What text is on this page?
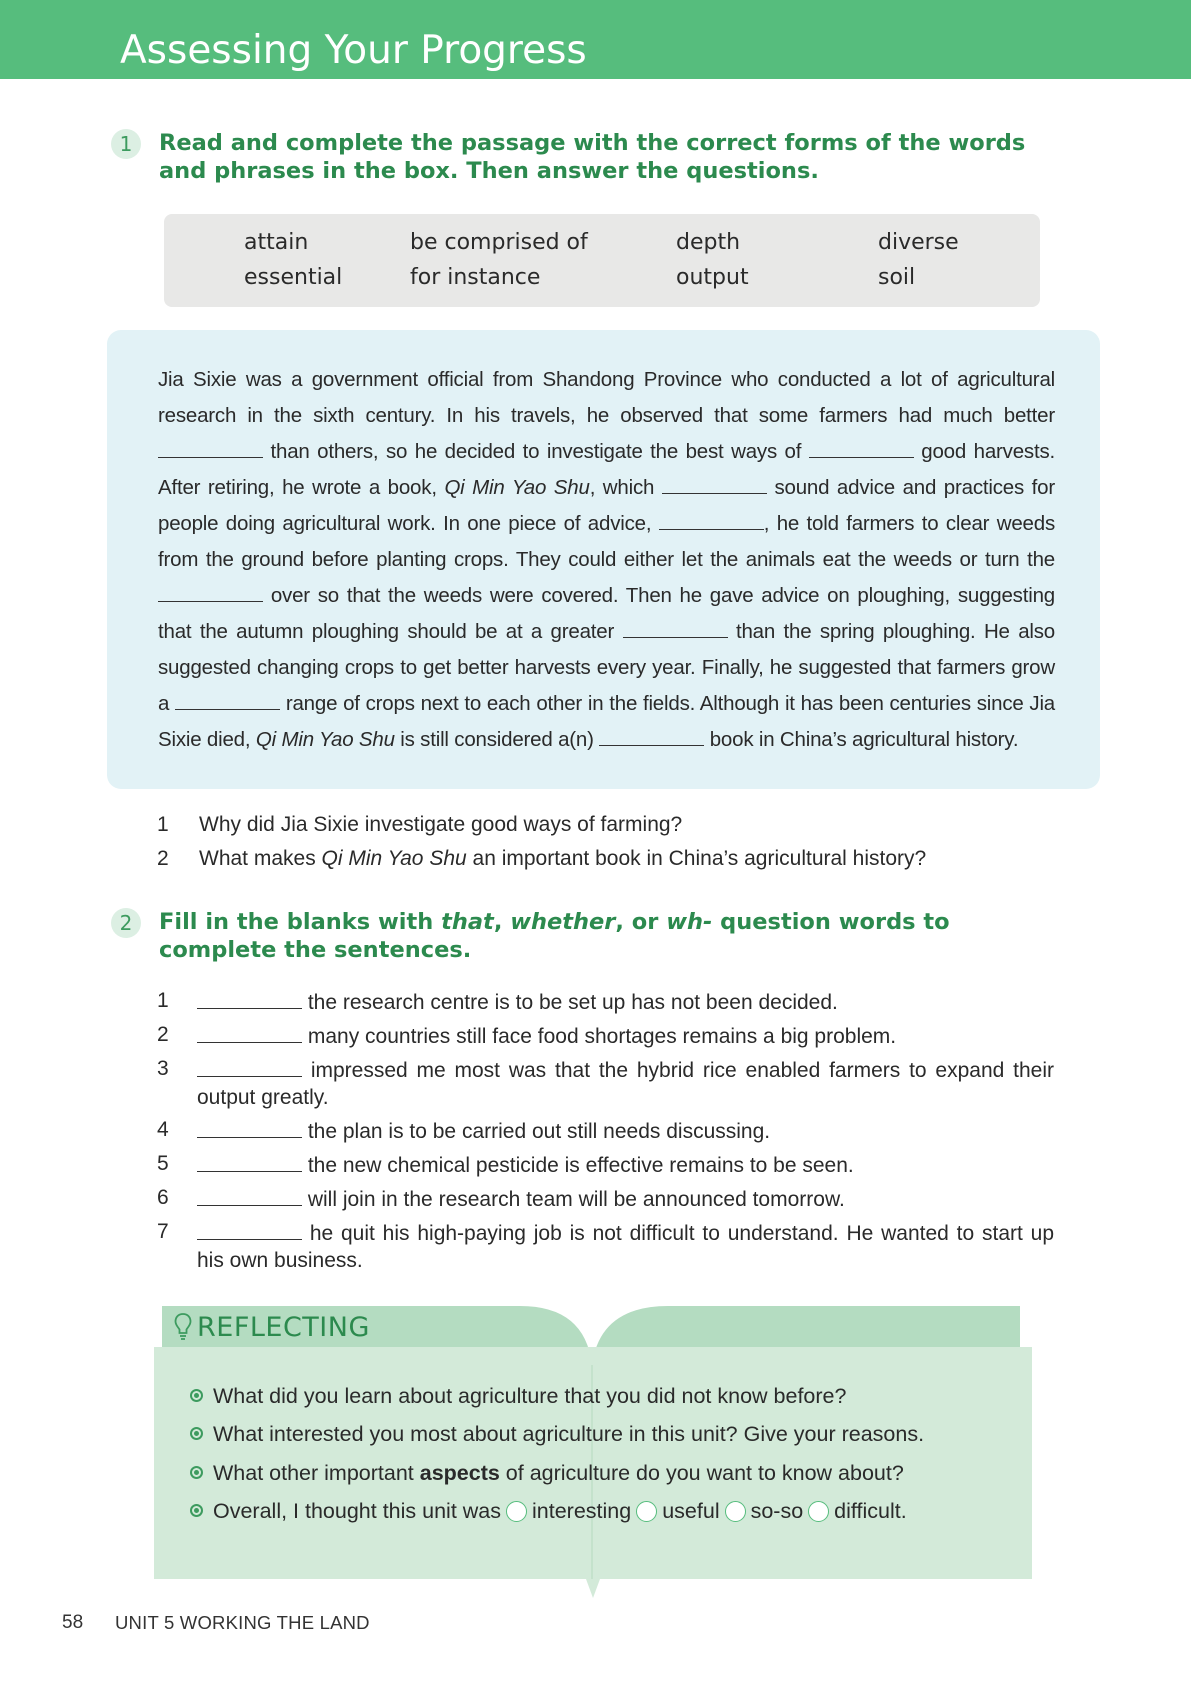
Assessing Your Progress
1	Read and complete the passage with the correct forms of the words and phrases in the box. Then answer the questions.
attain	be comprised of	depth	diverse
essential	for instance	output	soil
Jia Sixie was a government official from Shandong Province who conducted a lot of agricultural research in the sixth century. In his travels, he observed that some farmers had much better  than others, so he decided to investigate the best ways of	good harvests. After retiring, he wrote a book, Qi Min Yao Shu, which	sound advice and practices for people doing agricultural work. In one piece of advice,	, he told farmers to clear weeds from the ground before planting crops. They could either let the animals eat the weeds or turn the  over so that the weeds were covered. Then he gave advice on ploughing, suggesting that the autumn ploughing should be at a greater	than the spring ploughing. He also suggested changing crops to get better harvests every year. Finally, he suggested that farmers grow a	range of crops next to each other in the fields. Although it has been centuries since Jia Sixie died, Qi Min Yao Shu is still considered a(n)	book in China’s agricultural history.
1 Why did Jia Sixie investigate good ways of farming?
2 What makes Qi Min Yao Shu an important book in China’s agricultural history?
2	Fill in the blanks with that, whether, or wh- question words to complete the sentences.
1	the research centre is to be set up has not been decided.
2	many countries still face food shortages remains a big problem.
3	impressed me most was that the hybrid rice enabled farmers to expand their output greatly.
4	the plan is to be carried out still needs discussing.
5	the new chemical pesticide is effective remains to be seen.
6	will join in the research team will be announced tomorrow.
7	he quit his high-paying job is not difficult to understand. He wanted to start up his own business.
REFLECTING
What did you learn about agriculture that you did not know before?
What interested you most about agriculture in this unit? Give your reasons.
What other important aspects of agriculture do you want to know about?
Overall, I thought this unit was interesting useful so-so difficult.
58 UNIT 5 WORKING THE LAND
